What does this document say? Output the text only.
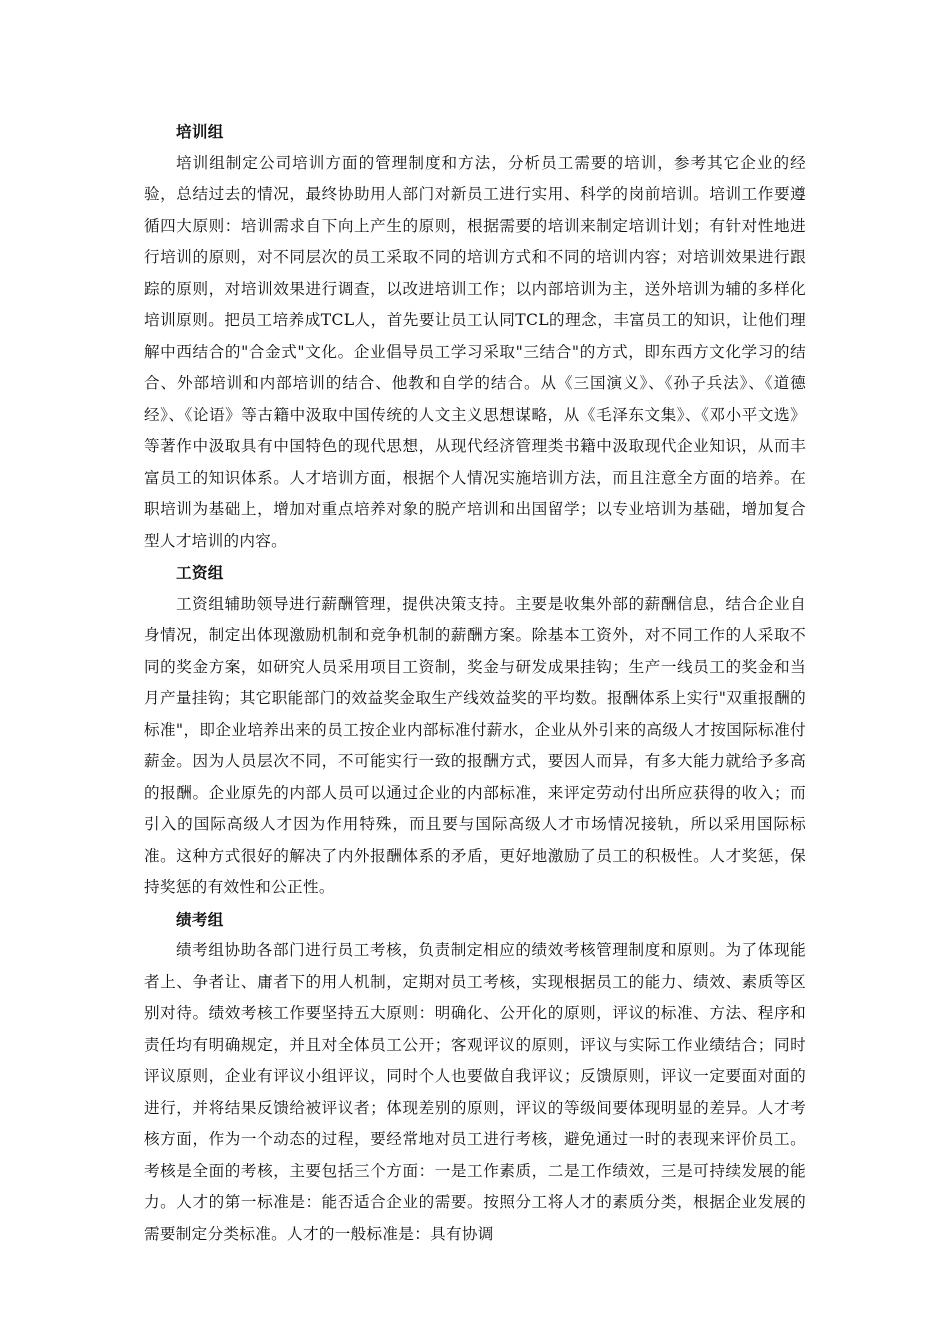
培训组

培训组制定公司培训方面的管理制度和方法，分析员工需要的培训，参考其它企业的经验，总结过去的情况，最终协助用人部门对新员工进行实用、科学的岗前培训。培训工作要遵循四大原则：培训需求自下向上产生的原则，根据需要的培训来制定培训计划；有针对性地进行培训的原则，对不同层次的员工采取不同的培训方式和不同的培训内容；对培训效果进行跟踪的原则，对培训效果进行调查，以改进培训工作；以内部培训为主，送外培训为辅的多样化培训原则。把员工培养成TCL人，首先要让员工认同TCL的理念，丰富员工的知识，让他们理解中西结合的"合金式"文化。企业倡导员工学习采取"三结合"的方式，即东西方文化学习的结合、外部培训和内部培训的结合、他教和自学的结合。从《三国演义》、《孙子兵法》、《道德经》、《论语》等古籍中汲取中国传统的人文主义思想谋略，从《毛泽东文集》、《邓小平文选》等著作中汲取具有中国特色的现代思想，从现代经济管理类书籍中汲取现代企业知识，从而丰富员工的知识体系。人才培训方面，根据个人情况实施培训方法，而且注意全方面的培养。在职培训为基础上，增加对重点培养对象的脱产培训和出国留学；以专业培训为基础，增加复合型人才培训的内容。

工资组

工资组辅助领导进行薪酬管理，提供决策支持。主要是收集外部的薪酬信息，结合企业自身情况，制定出体现激励机制和竞争机制的薪酬方案。除基本工资外，对不同工作的人采取不同的奖金方案，如研究人员采用项目工资制，奖金与研发成果挂钩；生产一线员工的奖金和当月产量挂钩；其它职能部门的效益奖金取生产线效益奖的平均数。报酬体系上实行"双重报酬的标准"，即企业培养出来的员工按企业内部标准付薪水，企业从外引来的高级人才按国际标准付薪金。因为人员层次不同，不可能实行一致的报酬方式，要因人而异，有多大能力就给予多高的报酬。企业原先的内部人员可以通过企业的内部标准，来评定劳动付出所应获得的收入；而引入的国际高级人才因为作用特殊，而且要与国际高级人才市场情况接轨，所以采用国际标准。这种方式很好的解决了内外报酬体系的矛盾，更好地激励了员工的积极性。人才奖惩，保持奖惩的有效性和公正性。

绩考组

绩考组协助各部门进行员工考核，负责制定相应的绩效考核管理制度和原则。为了体现能者上、争者让、庸者下的用人机制，定期对员工考核，实现根据员工的能力、绩效、素质等区别对待。绩效考核工作要坚持五大原则：明确化、公开化的原则，评议的标准、方法、程序和责任均有明确规定，并且对全体员工公开；客观评议的原则，评议与实际工作业绩结合；同时评议原则，企业有评议小组评议，同时个人也要做自我评议；反馈原则，评议一定要面对面的进行，并将结果反馈给被评议者；体现差别的原则，评议的等级间要体现明显的差异。人才考核方面，作为一个动态的过程，要经常地对员工进行考核，避免通过一时的表现来评价员工。考核是全面的考核，主要包括三个方面：一是工作素质，二是工作绩效，三是可持续发展的能力。人才的第一标准是：能否适合企业的需要。按照分工将人才的素质分类，根据企业发展的需要制定分类标准。人才的一般标准是：具有协调
